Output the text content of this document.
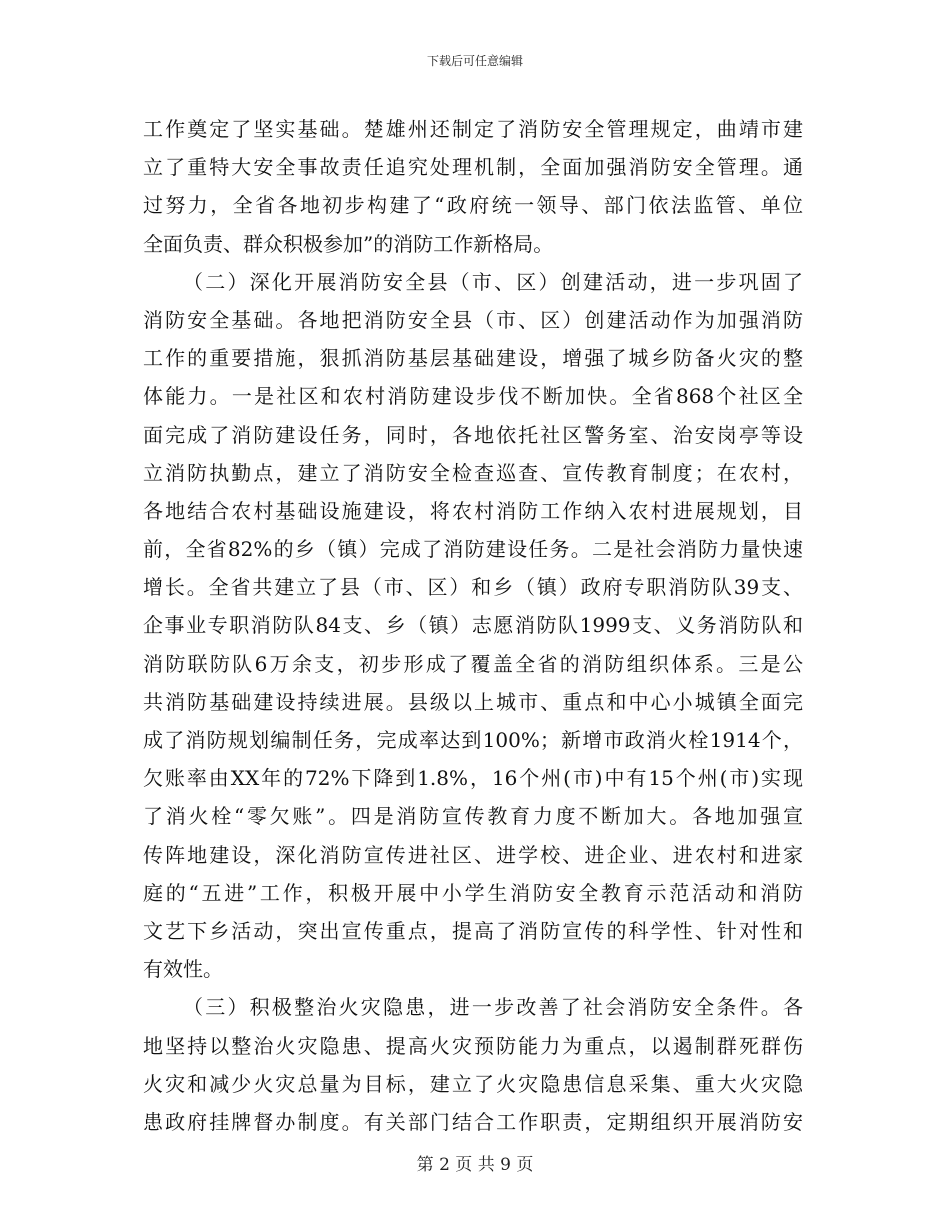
下载后可任意编辑
工作奠定了坚实基础。楚雄州还制定了消防安全管理规定，曲靖市建
立了重特大安全事故责任追究处理机制，全面加强消防安全管理。通
过努力，全省各地初步构建了“政府统一领导、部门依法监管、单位
全面负责、群众积极参加”的消防工作新格局。
（二）深化开展消防安全县（市、区）创建活动，进一步巩固了
消防安全基础。各地把消防安全县（市、区）创建活动作为加强消防
工作的重要措施，狠抓消防基层基础建设，增强了城乡防备火灾的整
体能力。一是社区和农村消防建设步伐不断加快。全省868个社区全
面完成了消防建设任务，同时，各地依托社区警务室、治安岗亭等设
立消防执勤点，建立了消防安全检查巡查、宣传教育制度；在农村，
各地结合农村基础设施建设，将农村消防工作纳入农村进展规划，目
前，全省82%的乡（镇）完成了消防建设任务。二是社会消防力量快速
增长。全省共建立了县（市、区）和乡（镇）政府专职消防队39支、
企事业专职消防队84支、乡（镇）志愿消防队1999支、义务消防队和
消防联防队6万余支，初步形成了覆盖全省的消防组织体系。三是公
共消防基础建设持续进展。县级以上城市、重点和中心小城镇全面完
成了消防规划编制任务，完成率达到100%；新增市政消火栓1914个，
欠账率由XX年的72%下降到1.8%，16个州(市)中有15个州(市)实现
了消火栓“零欠账”。四是消防宣传教育力度不断加大。各地加强宣
传阵地建设，深化消防宣传进社区、进学校、进企业、进农村和进家
庭的“五进”工作，积极开展中小学生消防安全教育示范活动和消防
文艺下乡活动，突出宣传重点，提高了消防宣传的科学性、针对性和
有效性。
（三）积极整治火灾隐患，进一步改善了社会消防安全条件。各
地坚持以整治火灾隐患、提高火灾预防能力为重点，以遏制群死群伤
火灾和减少火灾总量为目标，建立了火灾隐患信息采集、重大火灾隐
患政府挂牌督办制度。有关部门结合工作职责，定期组织开展消防安
第 2 页 共 9 页
